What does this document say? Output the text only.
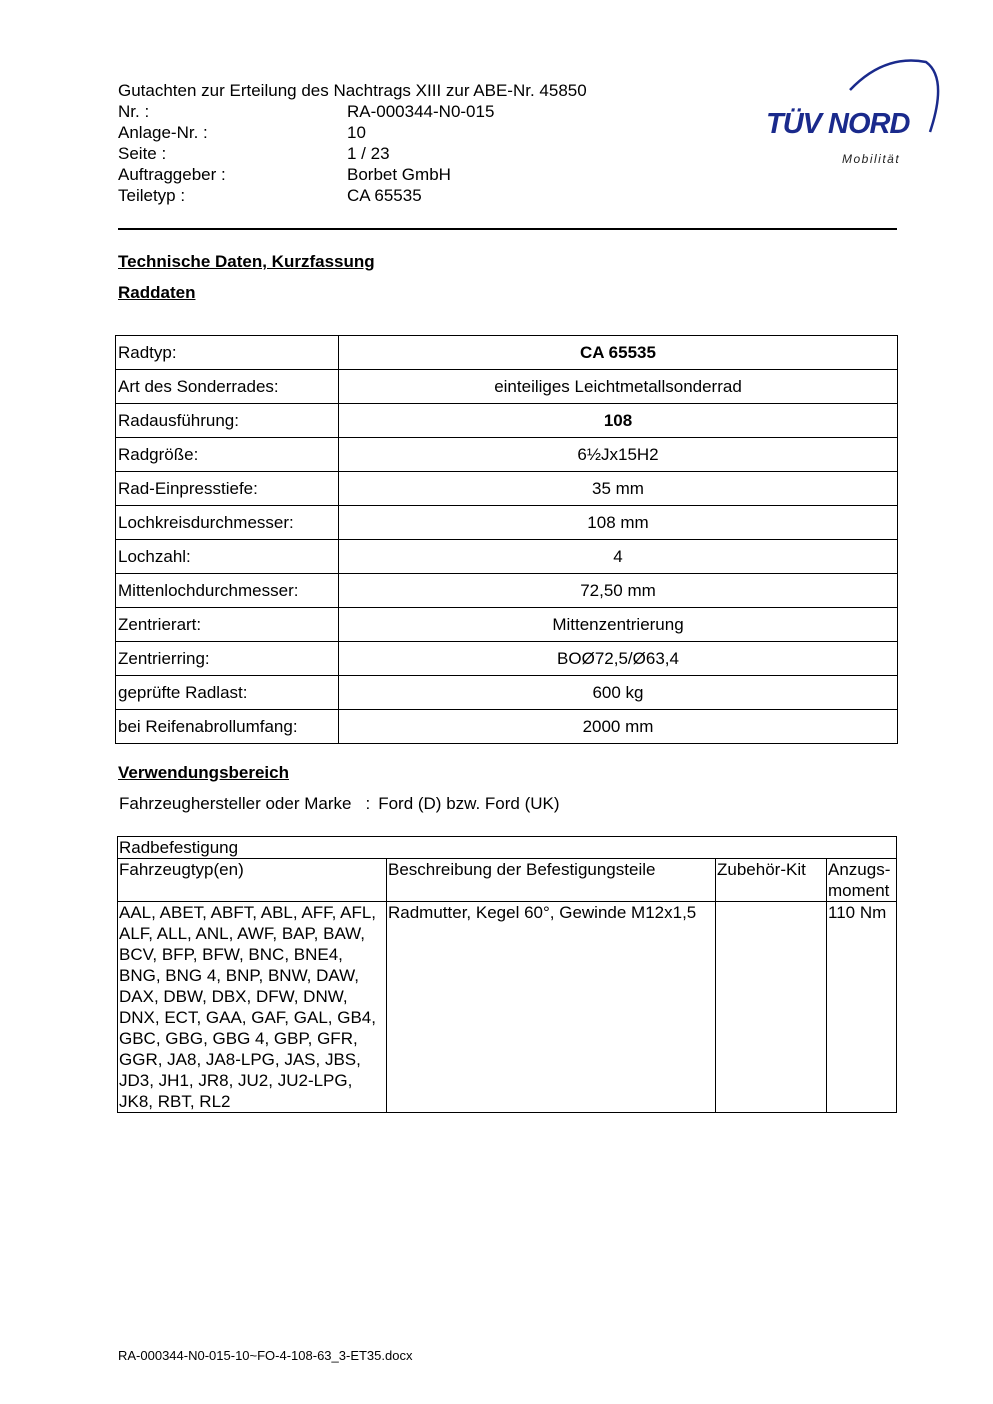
Gutachten zur Erteilung des Nachtrags XIII zur ABE-Nr. 45850
Nr. :	RA-000344-N0-015
Anlage-Nr. :	10
Seite :	1 / 23
Auftraggeber :	Borbet GmbH
Teiletyp :	CA 65535
TÜV NORD
Mobilität
Technische Daten, Kurzfassung
Raddaten
Radtyp:	CA 65535
Art des Sonderrades:	einteiliges Leichtmetallsonderrad
Radausführung:	108
Radgröße:	6½Jx15H2
Rad-Einpresstiefe:	35 mm
Lochkreisdurchmesser:	108 mm
Lochzahl:	4
Mittenlochdurchmesser:	72,50 mm
Zentrierart:	Mittenzentrierung
Zentrierring:	BOØ72,5/Ø63,4
geprüfte Radlast:	600 kg
bei Reifenabrollumfang:	2000 mm
Verwendungsbereich
Fahrzeughersteller oder Marke : Ford (D) bzw. Ford (UK)
Radbefestigung			
Fahrzeugtyp(en)	Beschreibung der Befestigungsteile	Zubehör-Kit	Anzugs-moment
AAL, ABET, ABFT, ABL, AFF, AFL, ALF, ALL, ANL, AWF, BAP, BAW, BCV, BFP, BFW, BNC, BNE4, BNG, BNG 4, BNP, BNW, DAW, DAX, DBW, DBX, DFW, DNW, DNX, ECT, GAA, GAF, GAL, GB4, GBC, GBG, GBG 4, GBP, GFR, GGR, JA8, JA8-LPG, JAS, JBS, JD3, JH1, JR8, JU2, JU2-LPG, JK8, RBT, RL2	Radmutter, Kegel 60°, Gewinde M12x1,5		110 Nm
RA-000344-N0-015-10~FO-4-108-63_3-ET35.docx
